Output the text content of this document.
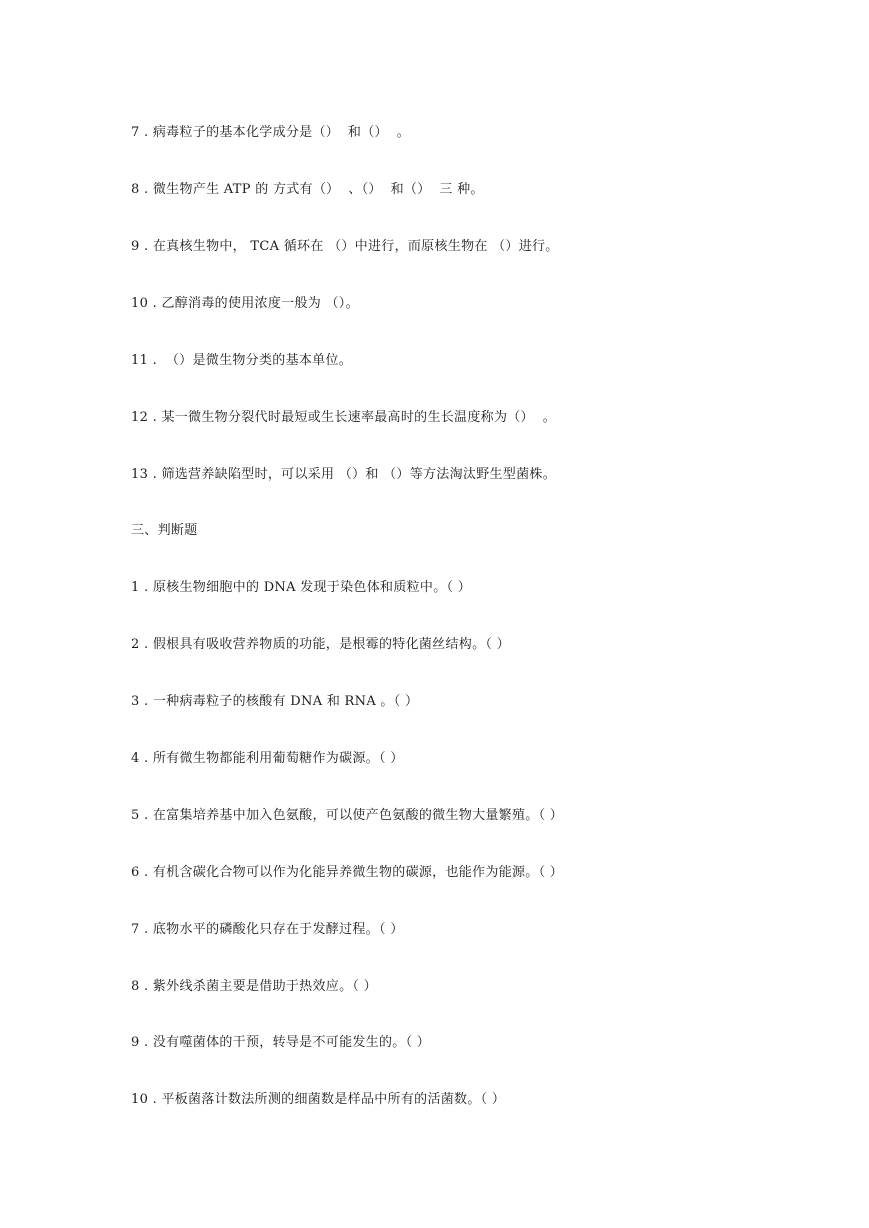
7 . 病毒粒子的基本化学成分是（）  和（）  。
8 . 微生物产生 ATP 的 方式有（）  、（）  和（）  三 种。
9 . 在真核生物中， TCA 循环在 （）中进行，而原核生物在 （）进行。
10 . 乙醇消毒的使用浓度一般为 （）。
11 .  （）是微生物分类的基本单位。
12 . 某一微生物分裂代时最短或生长速率最高时的生长温度称为（）  。
13 . 筛选营养缺陷型时，可以采用 （）和 （）等方法淘汰野生型菌株。
三、判断题
1 . 原核生物细胞中的 DNA 发现于染色体和质粒中。（ ）
2 . 假根具有吸收营养物质的功能，是根霉的特化菌丝结构。（ ）
3 . 一种病毒粒子的核酸有 DNA 和 RNA 。（ ）
4 . 所有微生物都能利用葡萄糖作为碳源。（ ）
5 . 在富集培养基中加入色氨酸，可以使产色氨酸的微生物大量繁殖。（ ）
6 . 有机含碳化合物可以作为化能异养微生物的碳源，也能作为能源。（ ）
7 . 底物水平的磷酸化只存在于发酵过程。（ ）
8 . 紫外线杀菌主要是借助于热效应。（ ）
9 . 没有噬菌体的干预，转导是不可能发生的。（ ）
10 . 平板菌落计数法所测的细菌数是样品中所有的活菌数。（ ）
